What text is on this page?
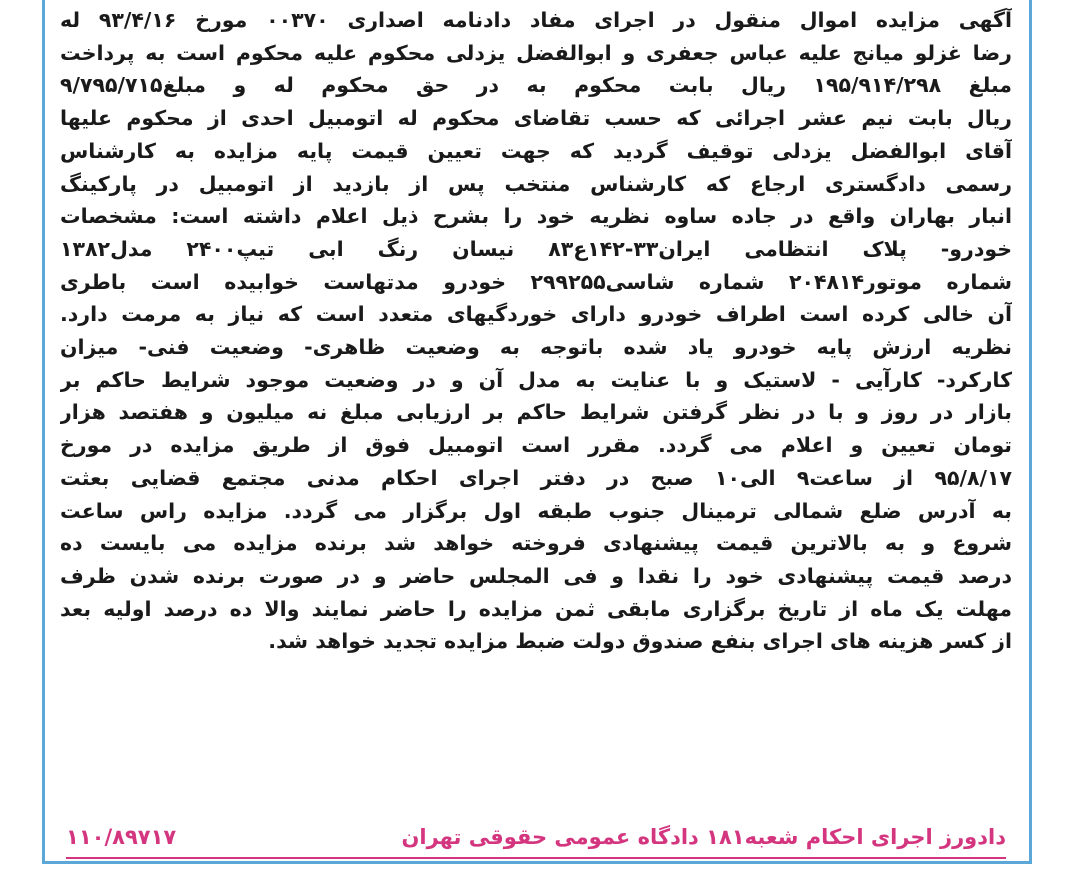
آگهی مزایده اموال منقول در اجرای مفاد دادنامه اصداری ۰۰۳۷۰ مورخ ۹۳/۴/۱۶ له
رضا غزلو میانج علیه عباس جعفری و ابوالفضل یزدلی محکوم علیه محکوم است به پرداخت
مبلغ ۱۹۵/۹۱۴/۲۹۸ ریال بابت محکوم به در حق محکوم له و مبلغ۹/۷۹۵/۷۱۵
ریال بابت نیم عشر اجرائی که حسب تقاضای محکوم له اتومبیل احدی از محکوم علیها
آقای ابوالفضل یزدلی توقیف گردید که جهت تعیین قیمت پایه مزایده به کارشناس
رسمی دادگستری ارجاع که کارشناس منتخب پس از بازدید از اتومبیل در پارکینگ
انبار بهاران واقع در جاده ساوه نظریه خود را بشرح ذیل اعلام داشته است: مشخصات
خودرو- پلاک انتظامی ایران۳۳-۱۴۲ع۸۳ نیسان رنگ ابی تیپ۲۴۰۰ مدل۱۳۸۲
شماره موتور۲۰۴۸۱۴ شماره شاسی۲۹۹۲۵۵ خودرو مدتهاست خوابیده است باطری
آن خالی کرده است اطراف خودرو دارای خوردگیهای متعدد است که نیاز به مرمت دارد.
نظریه ارزش پایه خودرو یاد شده باتوجه به وضعیت ظاهری- وضعیت فنی- میزان
کارکرد- کارآیی - لاستیک و با عنایت به مدل آن و در وضعیت موجود شرایط حاکم بر
بازار در روز و با در نظر گرفتن شرایط حاکم بر ارزیابی مبلغ نه میلیون و هفتصد هزار
تومان تعیین و اعلام می گردد. مقرر است اتومبیل فوق از طریق مزایده در مورخ
۹۵/۸/۱۷ از ساعت۹ الی۱۰ صبح در دفتر اجرای احکام مدنی مجتمع قضایی بعثت
به آدرس ضلع شمالی ترمینال جنوب طبقه اول برگزار می گردد. مزایده راس ساعت
شروع و به بالاترین قیمت پیشنهادی فروخته خواهد شد برنده مزایده می بایست ده
درصد قیمت پیشنهادی خود را نقدا و فی المجلس حاضر و در صورت برنده شدن ظرف
مهلت یک ماه از تاریخ برگزاری مابقی ثمن مزایده را حاضر نمایند والا ده درصد اولیه بعد
از کسر هزینه های اجرای بنفع صندوق دولت ضبط مزایده تجدید خواهد شد.
دادورز اجرای احکام شعبه۱۸۱ دادگاه عمومی حقوقی تهران
۱۱۰/۸۹۷۱۷
